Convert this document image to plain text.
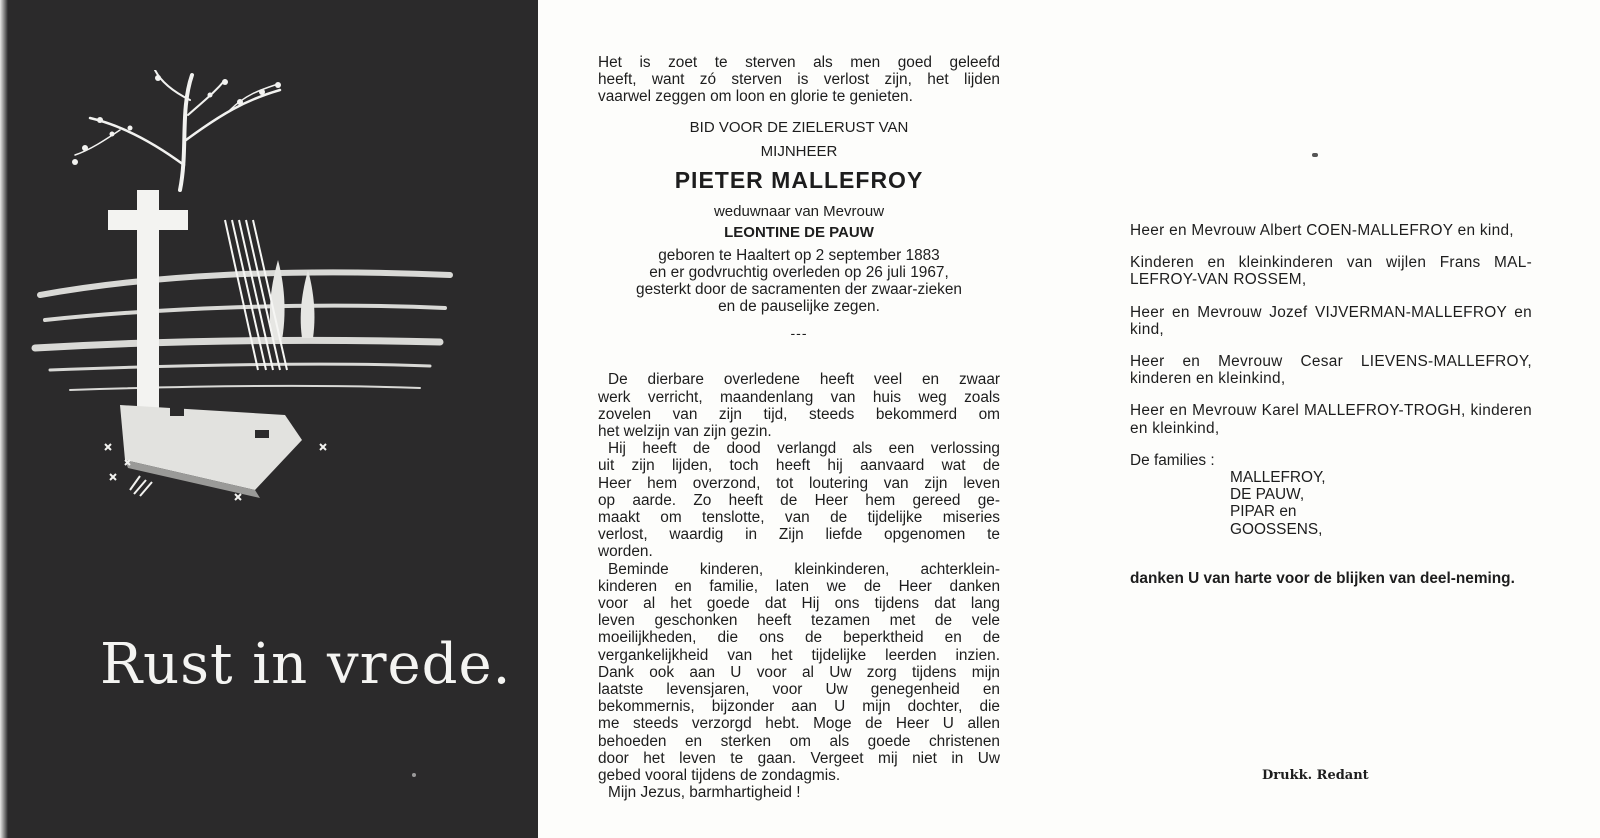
Rust in vrede.

Het is zoet te sterven als men goed geleefd

heeft, want zó sterven is verlost zijn, het lijden

vaarwel zeggen om loon en glorie te genieten.

BID VOOR DE ZIELERUST VAN

MIJNHEER

PIETER MALLEFROY

weduwnaar van Mevrouw

LEONTINE DE PAUW

geboren te Haaltert op 2 september 1883

en er godvruchtig overleden op 26 juli 1967,

gesterkt door de sacramenten der zwaar-zieken

en de pauselijke zegen.

---

De dierbare overledene heeft veel en zwaar

werk verricht, maandenlang van huis weg zoals

zovelen van zijn tijd, steeds bekommerd om

het welzijn van zijn gezin.

Hij heeft de dood verlangd als een verlossing

uit zijn lijden, toch heeft hij aanvaard wat de

Heer hem overzond, tot loutering van zijn leven

op aarde. Zo heeft de Heer hem gereed ge-

maakt om tenslotte, van de tijdelijke miseries

verlost, waardig in Zijn liefde opgenomen te

worden.

Beminde kinderen, kleinkinderen, achterklein-

kinderen en familie, laten we de Heer danken

voor al het goede dat Hij ons tijdens dat lang

leven geschonken heeft tezamen met de vele

moeilijkheden, die ons de beperktheid en de

vergankelijkheid van het tijdelijke leerden inzien.

Dank ook aan U voor al Uw zorg tijdens mijn

laatste levensjaren, voor Uw genegenheid en

bekommernis, bijzonder aan U mijn dochter, die

me steeds verzorgd hebt. Moge de Heer U allen

behoeden en sterken om als goede christenen

door het leven te gaan. Vergeet mij niet in Uw

gebed vooral tijdens de zondagmis.

Mijn Jezus, barmhartigheid !

Heer en Mevrouw Albert COEN-MALLEFROY en kind,

Kinderen en kleinkinderen van wijlen Frans MAL-LEFROY-VAN ROSSEM,

Heer en Mevrouw Jozef VIJVERMAN-MALLEFROY en kind,

Heer en Mevrouw Cesar LIEVENS-MALLEFROY, kinderen en kleinkind,

Heer en Mevrouw Karel MALLEFROY-TROGH, kinderen en kleinkind,

De families :

MALLEFROY,
DE PAUW,
PIPAR en
GOOSSENS,

danken U van harte voor de blijken van deel-neming.

Drukk. Redant
